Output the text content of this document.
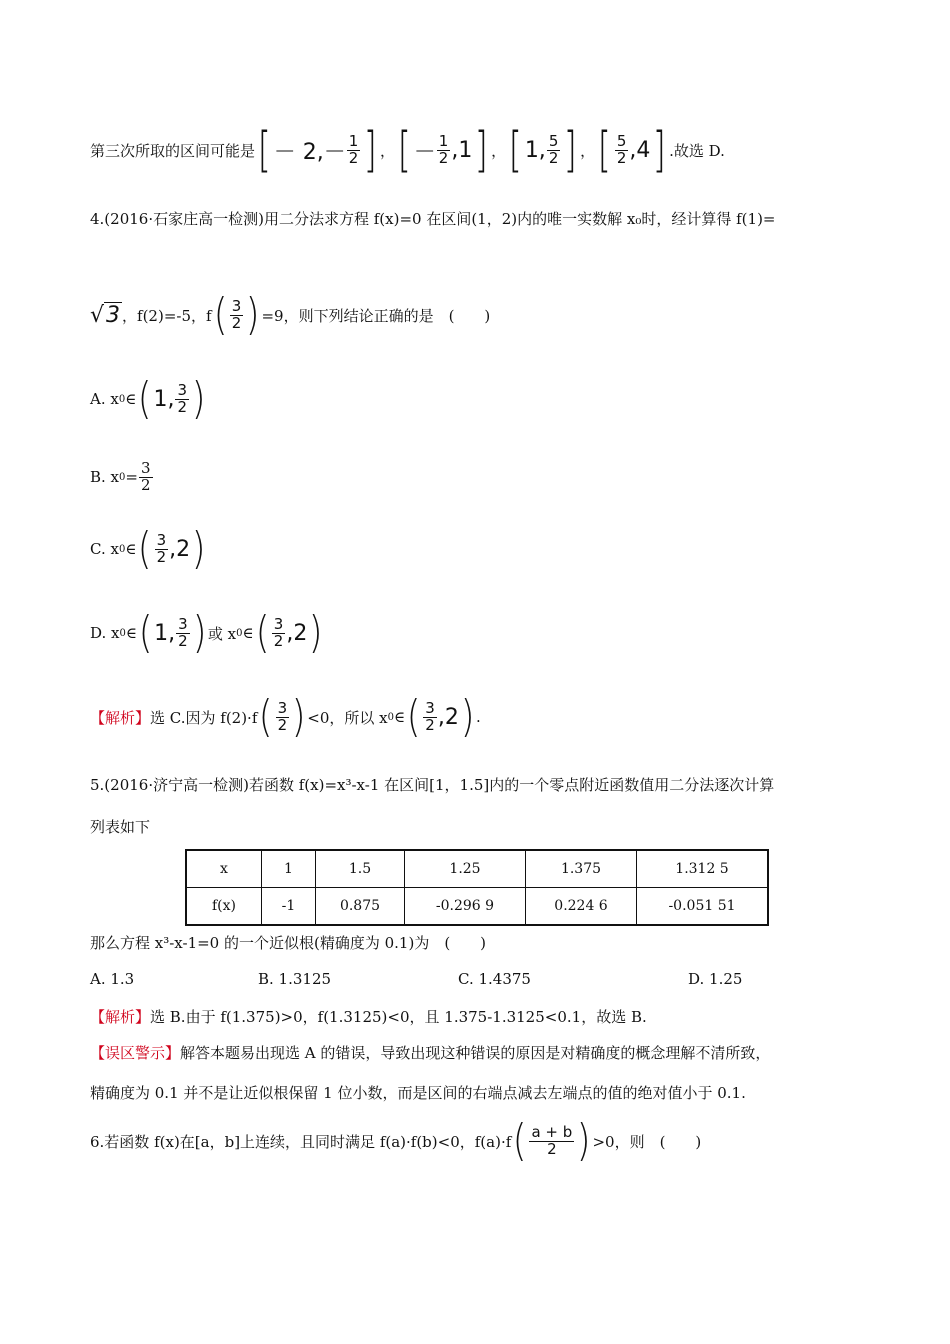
第三次所取的区间可能是 [ － $2,- \frac{1}{2}$ ] ， [ － $\frac{1}{2}$ , 1 ] ， [ 1, $\frac{5}{2}$ ] ， [ $\frac{5}{2}$ , 4 ] .故选 D.
4.(2016·石家庄高一检测)用二分法求方程 f(x)=0 在区间(1，2)内的唯一实数解 x₀时，经计算得 f(1)=
√ 3 ，f(2)=-5，f ( $\frac{3}{2}$ ) =9，则下列结论正确的是　(　　)
A. x 0 ∈ ( 1 , $\frac{3}{2}$ )
B. x $0 = \frac{3}{2}$
C. x 0 ∈ ( $\frac{3}{2}$ , 2 )
D. x 0 ∈ ( 1 , $\frac{3}{2}$ ) 或 x 0 ∈ ( $\frac{3}{2}$ , 2 )
【解析】 选 C.因为 f(2)·f ( $\frac{3}{2}$ ) <0，所以 x 0 ∈ ( $\frac{3}{2}$ , 2 ) .
5.(2016·济宁高一检测)若函数 f(x)=x³-x-1 在区间[1，1.5]内的一个零点附近函数值用二分法逐次计算
列表如下
x	1	1.5	1.25	1.375	1.312 5
f(x)	-1	0.875	-0.296 9	0.224 6	-0.051 51
那么方程 x³-x-1=0 的一个近似根(精确度为 0.1)为　(　　)
A. 1.3	B. 1.3125	C. 1.4375	D. 1.25
【解析】 选 B.由于 f(1.375)>0，f(1.3125)<0，且 1.375-1.3125<0.1，故选 B.
【误区警示】 解答本题易出现选 A 的错误，导致出现这种错误的原因是对精确度的概念理解不清所致，
精确度为 0.1 并不是让近似根保留 1 位小数，而是区间的右端点减去左端点的值的绝对值小于 0.1.
6.若函数 f(x)在[a，b]上连续，且同时满足 f(a)·f(b)<0，f(a)·f ( $\frac{a + b}{2}$ ) >0，则　(　　)
